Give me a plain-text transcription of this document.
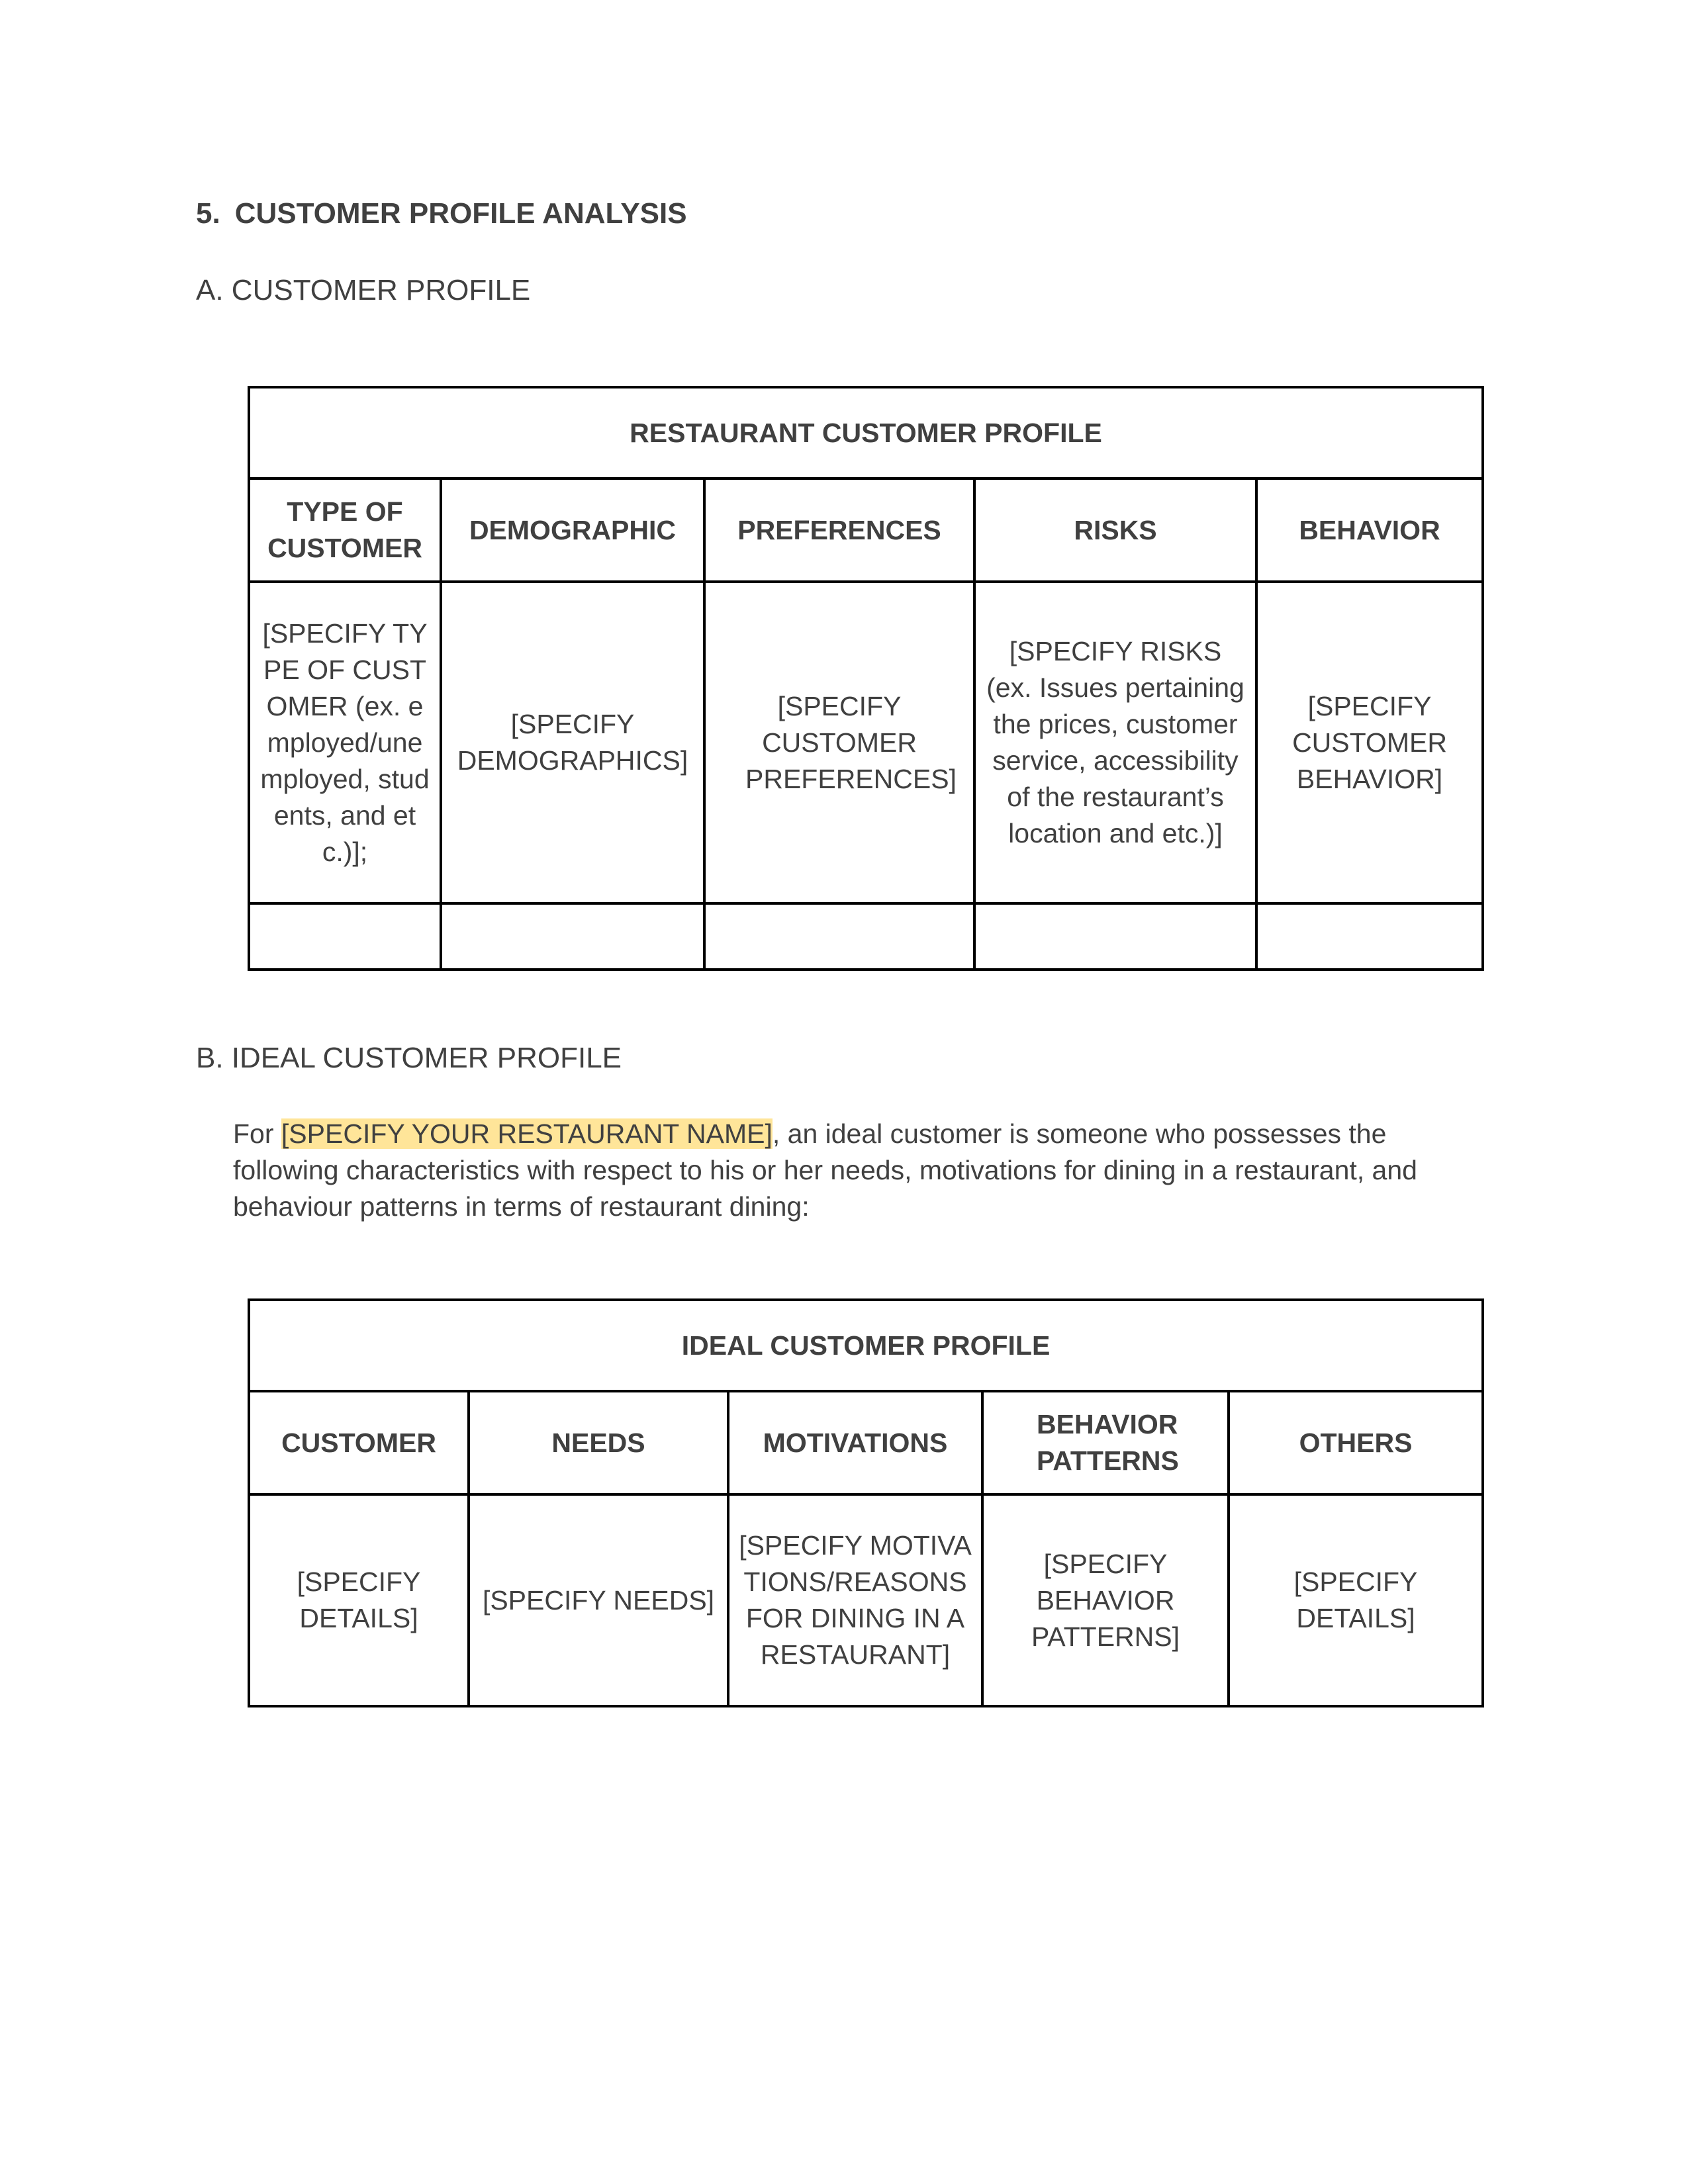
5. CUSTOMER PROFILE ANALYSIS
A. CUSTOMER PROFILE
RESTAURANT CUSTOMER PROFILE				
TYPE OF CUSTOMER	DEMOGRAPHIC	PREFERENCES	RISKS	BEHAVIOR
[SPECIFY TYPE OF CUSTOMER (ex. employed/unemployed, students, and etc.)];	[SPECIFY DEMOGRAPHICS]	[SPECIFY CUSTOMER PREFERENCES]	[SPECIFY RISKS (ex. Issues pertaining the prices, customer service, accessibility of the restaurant’s location and etc.)]	[SPECIFY CUSTOMER BEHAVIOR]

B. IDEAL CUSTOMER PROFILE
For [SPECIFY YOUR RESTAURANT NAME], an ideal customer is someone who possesses the following characteristics with respect to his or her needs, motivations for dining in a restaurant, and behaviour patterns in terms of restaurant dining:
IDEAL CUSTOMER PROFILE				
CUSTOMER	NEEDS	MOTIVATIONS	BEHAVIOR PATTERNS	OTHERS
[SPECIFY DETAILS]	[SPECIFY NEEDS]	[SPECIFY MOTIVATIONS/REASONS FOR DINING IN A RESTAURANT]	[SPECIFY BEHAVIOR PATTERNS]	[SPECIFY DETAILS]
